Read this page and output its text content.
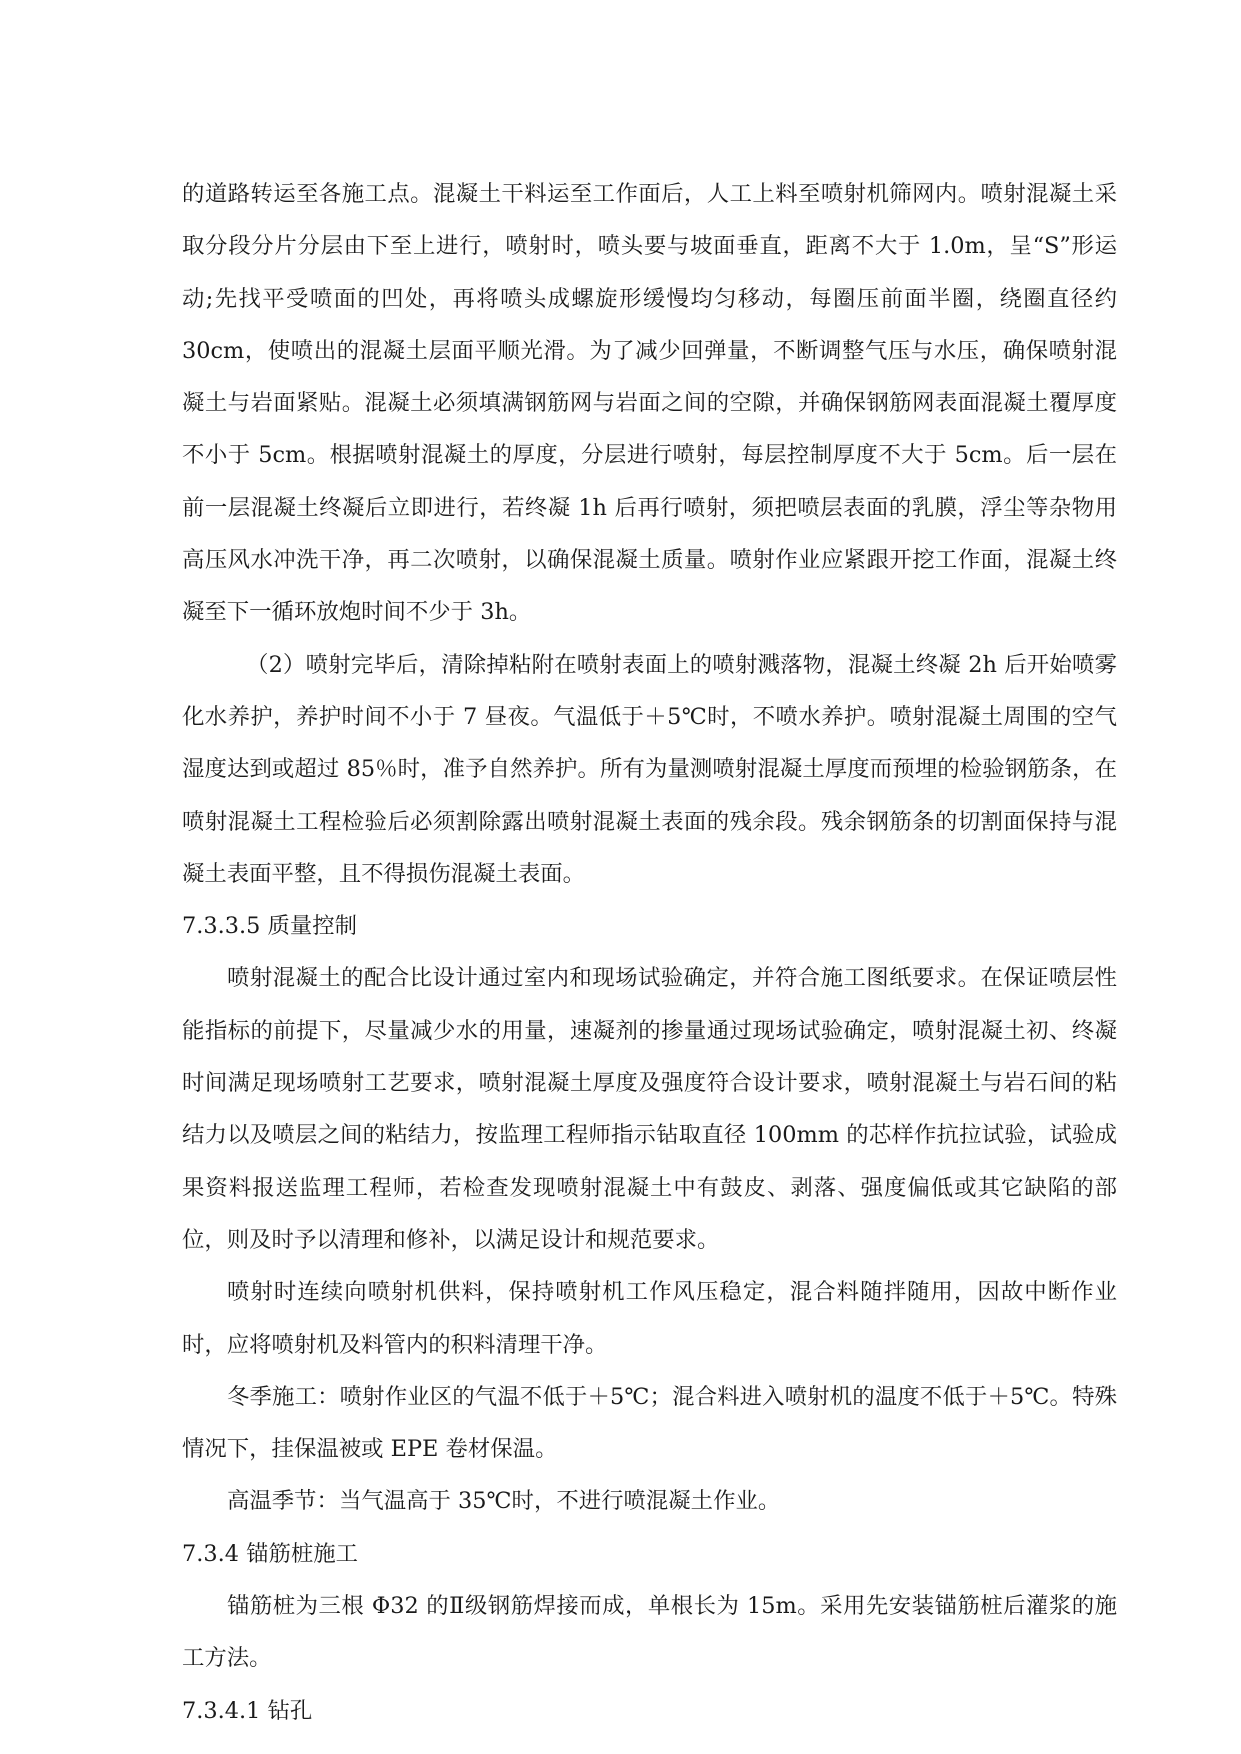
的道路转运至各施工点。混凝土干料运至工作面后，人工上料至喷射机筛网内。喷射混凝土采取分段分片分层由下至上进行，喷射时，喷头要与坡面垂直，距离不大于 1.0m，呈“S”形运动;先找平受喷面的凹处，再将喷头成螺旋形缓慢均匀移动，每圈压前面半圈，绕圈直径约 30cm，使喷出的混凝土层面平顺光滑。为了减少回弹量，不断调整气压与水压，确保喷射混凝土与岩面紧贴。混凝土必须填满钢筋网与岩面之间的空隙，并确保钢筋网表面混凝土覆厚度不小于 5cm。根据喷射混凝土的厚度，分层进行喷射，每层控制厚度不大于 5cm。后一层在前一层混凝土终凝后立即进行，若终凝 1h 后再行喷射，须把喷层表面的乳膜，浮尘等杂物用高压风水冲洗干净，再二次喷射，以确保混凝土质量。喷射作业应紧跟开挖工作面，混凝土终凝至下一循环放炮时间不少于 3h。

（2）喷射完毕后，清除掉粘附在喷射表面上的喷射溅落物，混凝土终凝 2h 后开始喷雾化水养护，养护时间不小于 7 昼夜。气温低于＋5℃时，不喷水养护。喷射混凝土周围的空气湿度达到或超过 85％时，准予自然养护。所有为量测喷射混凝土厚度而预埋的检验钢筋条，在喷射混凝土工程检验后必须割除露出喷射混凝土表面的残余段。残余钢筋条的切割面保持与混凝土表面平整，且不得损伤混凝土表面。

7.3.3.5 质量控制

喷射混凝土的配合比设计通过室内和现场试验确定，并符合施工图纸要求。在保证喷层性能指标的前提下，尽量减少水的用量，速凝剂的掺量通过现场试验确定，喷射混凝土初、终凝时间满足现场喷射工艺要求，喷射混凝土厚度及强度符合设计要求，喷射混凝土与岩石间的粘结力以及喷层之间的粘结力，按监理工程师指示钻取直径 100mm 的芯样作抗拉试验，试验成果资料报送监理工程师，若检查发现喷射混凝土中有鼓皮、剥落、强度偏低或其它缺陷的部位，则及时予以清理和修补，以满足设计和规范要求。

喷射时连续向喷射机供料，保持喷射机工作风压稳定，混合料随拌随用，因故中断作业时，应将喷射机及料管内的积料清理干净。

冬季施工：喷射作业区的气温不低于＋5℃；混合料进入喷射机的温度不低于＋5℃。特殊情况下，挂保温被或 EPE 卷材保温。

高温季节：当气温高于 35℃时，不进行喷混凝土作业。

7.3.4 锚筋桩施工

锚筋桩为三根 Φ32 的Ⅱ级钢筋焊接而成，单根长为 15m。采用先安装锚筋桩后灌浆的施工方法。

7.3.4.1 钻孔
